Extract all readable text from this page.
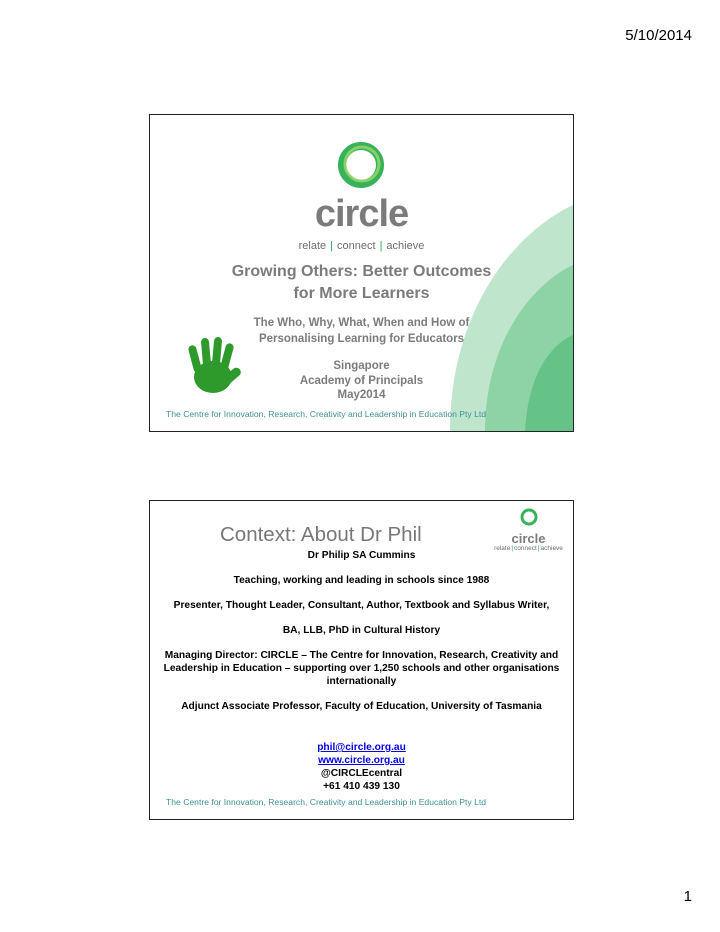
5/10/2014
circle
relate | connect | achieve
Growing Others: Better Outcomes for More Learners
The Who, Why, What, When and How of Personalising Learning for Educators
Singapore
Academy of Principals
May2014
The Centre for Innovation, Research, Creativity and Leadership in Education Pty Ltd
Context: About Dr Phil	circle
relate|connect|achieve
Dr Philip SA Cummins
Teaching, working and leading in schools since 1988
Presenter, Thought Leader, Consultant, Author, Textbook and Syllabus Writer,
BA, LLB, PhD in Cultural History
Managing Director: CIRCLE – The Centre for Innovation, Research, Creativity and Leadership in Education – supporting over 1,250 schools and other organisations internationally
Adjunct Associate Professor, Faculty of Education, University of Tasmania
phil@circle.org.au
www.circle.org.au
@CIRCLEcentral
+61 410 439 130
The Centre for Innovation, Research, Creativity and Leadership in Education Pty Ltd
1
